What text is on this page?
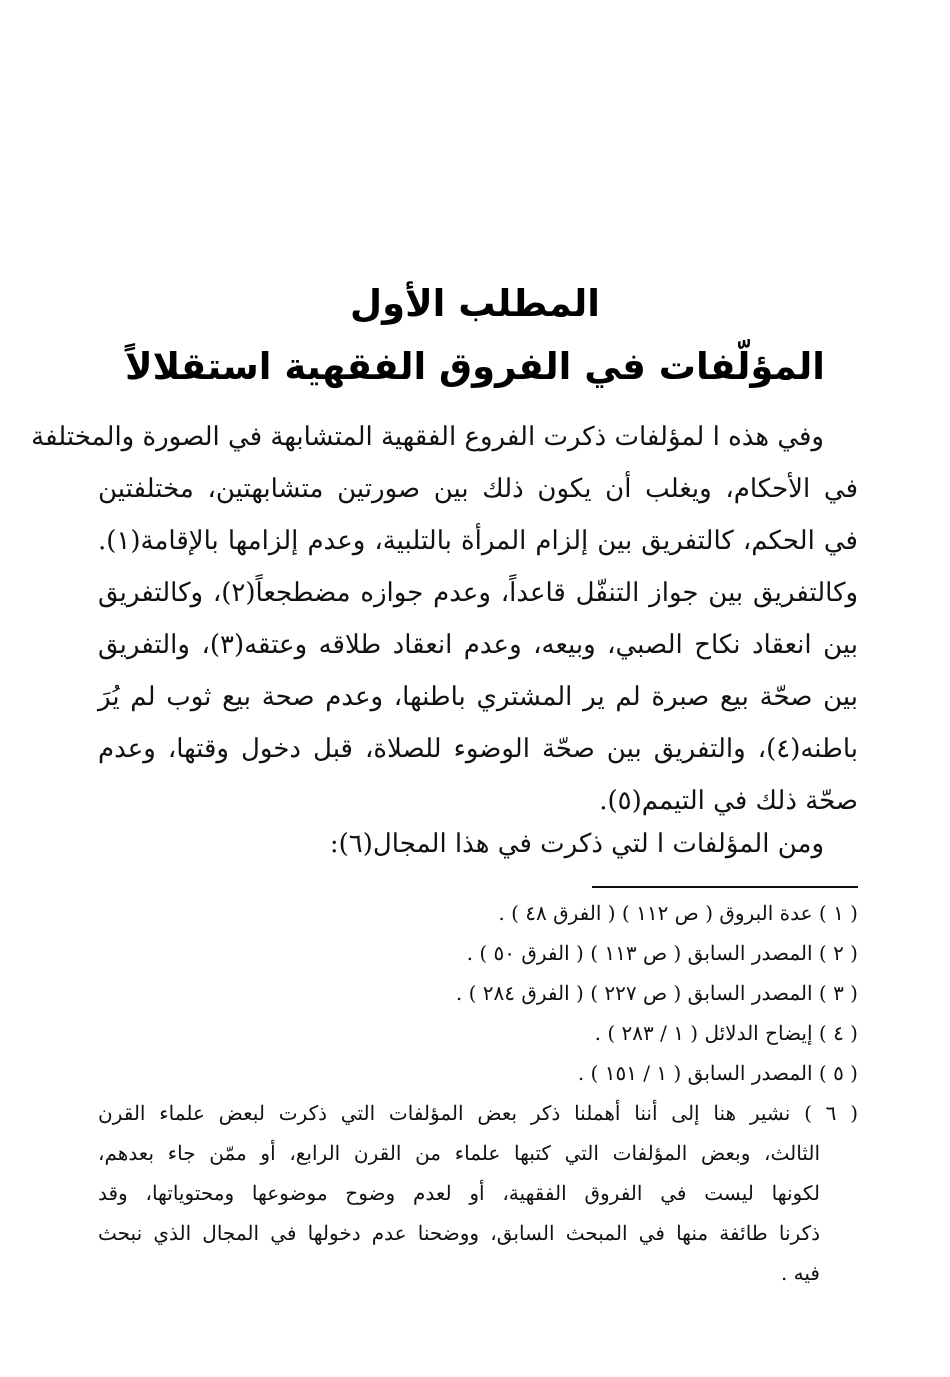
المطلب الأول
المؤلّفات في الفروق الفقهية استقلالاً
وفي هذه ا لمؤلفات ذكرت الفروع الفقهية المتشابهة في الصورة والمختلفة
في الأحكام، ويغلب أن يكون ذلك بين صورتين متشابهتين، مختلفتين
في الحكم، كالتفريق بين إلزام المرأة بالتلبية، وعدم إلزامها بالإقامة(١).
وكالتفريق بين جواز التنفّل قاعداً، وعدم جوازه مضطجعاً(٢)، وكالتفريق
بين انعقاد نكاح الصبي، وبيعه، وعدم انعقاد طلاقه وعتقه(٣)، والتفريق
بين صحّة بيع صبرة لم ير المشتري باطنها، وعدم صحة بيع ثوب لم يُرَ
باطنه(٤)، والتفريق بين صحّة الوضوء للصلاة، قبل دخول وقتها، وعدم
صحّة ذلك في التيمم(٥).
ومن المؤلفات ا لتي ذكرت في هذا المجال(٦):
( ١ ) عدة البروق ( ص ١١٢ ) ( الفرق ٤٨ ) .
( ٢ ) المصدر السابق ( ص ١١٣ ) ( الفرق ٥٠ ) .
( ٣ ) المصدر السابق ( ص ٢٢٧ ) ( الفرق ٢٨٤ ) .
( ٤ ) إيضاح الدلائل ( ١ / ٢٨٣ ) .
( ٥ ) المصدر السابق ( ١ / ١٥١ ) .
( ٦ ) نشير هنا إلى أننا أهملنا ذكر بعض المؤلفات التي ذكرت لبعض علماء القرن
الثالث، وبعض المؤلفات التي كتبها علماء من القرن الرابع، أو ممّن جاء بعدهم،
لكونها ليست في الفروق الفقهية، أو لعدم وضوح موضوعها ومحتوياتها، وقد
ذكرنا طائفة منها في المبحث السابق، ووضحنا عدم دخولها في المجال الذي نبحث
فيه .
